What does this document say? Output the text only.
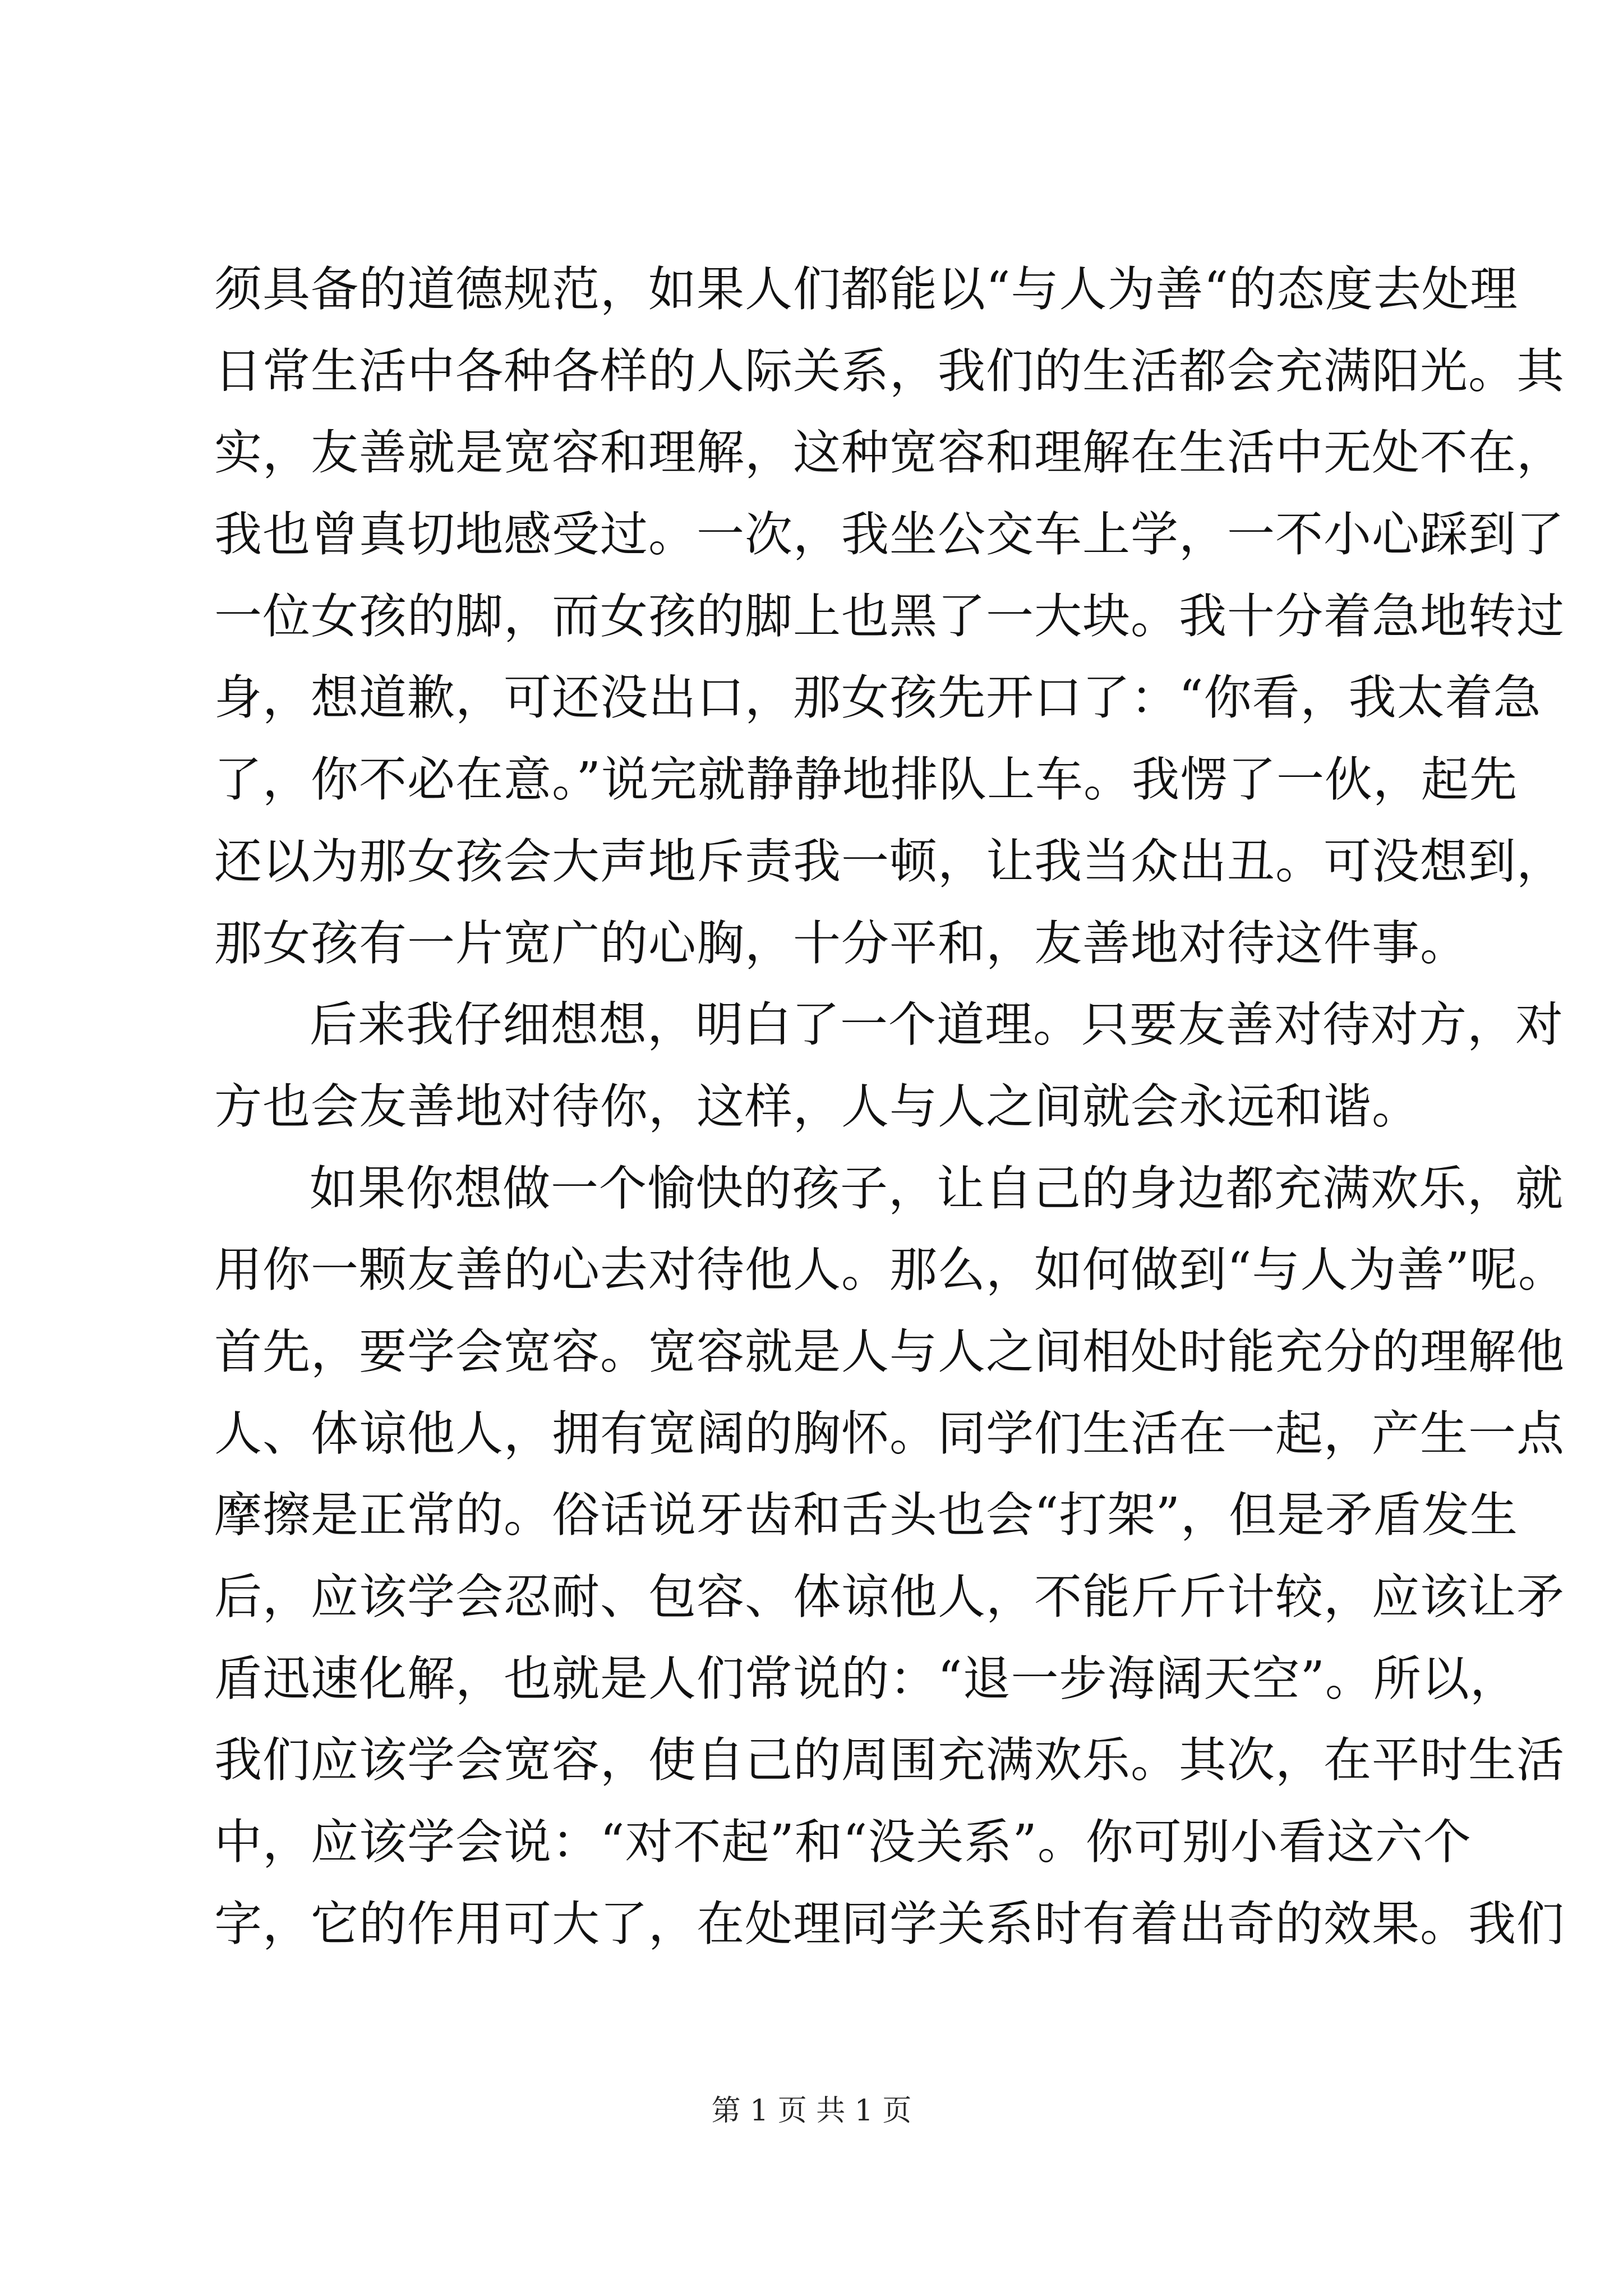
须具备的道德规范，如果人们都能以“与人为善“的态度去处理
日常生活中各种各样的人际关系，我们的生活都会充满阳光。其
实，友善就是宽容和理解，这种宽容和理解在生活中无处不在，
我也曾真切地感受过。一次，我坐公交车上学，一不小心踩到了
一位女孩的脚，而女孩的脚上也黑了一大块。我十分着急地转过
身，想道歉，可还没出口，那女孩先开口了：“你看，我太着急
了，你不必在意。”说完就静静地排队上车。我愣了一伙，起先
还以为那女孩会大声地斥责我一顿，让我当众出丑。可没想到，
那女孩有一片宽广的心胸，十分平和，友善地对待这件事。
后来我仔细想想，明白了一个道理。只要友善对待对方，对
方也会友善地对待你，这样，人与人之间就会永远和谐。
如果你想做一个愉快的孩子，让自己的身边都充满欢乐，就
用你一颗友善的心去对待他人。那么，如何做到“与人为善”呢。
首先，要学会宽容。宽容就是人与人之间相处时能充分的理解他
人、体谅他人，拥有宽阔的胸怀。同学们生活在一起，产生一点
摩擦是正常的。俗话说牙齿和舌头也会“打架”，但是矛盾发生
后，应该学会忍耐、包容、体谅他人，不能斤斤计较，应该让矛
盾迅速化解，也就是人们常说的：“退一步海阔天空”。所以，
我们应该学会宽容，使自己的周围充满欢乐。其次，在平时生活
中，应该学会说：“对不起”和“没关系”。你可别小看这六个
字，它的作用可大了，在处理同学关系时有着出奇的效果。我们
第 1 页 共 1 页
